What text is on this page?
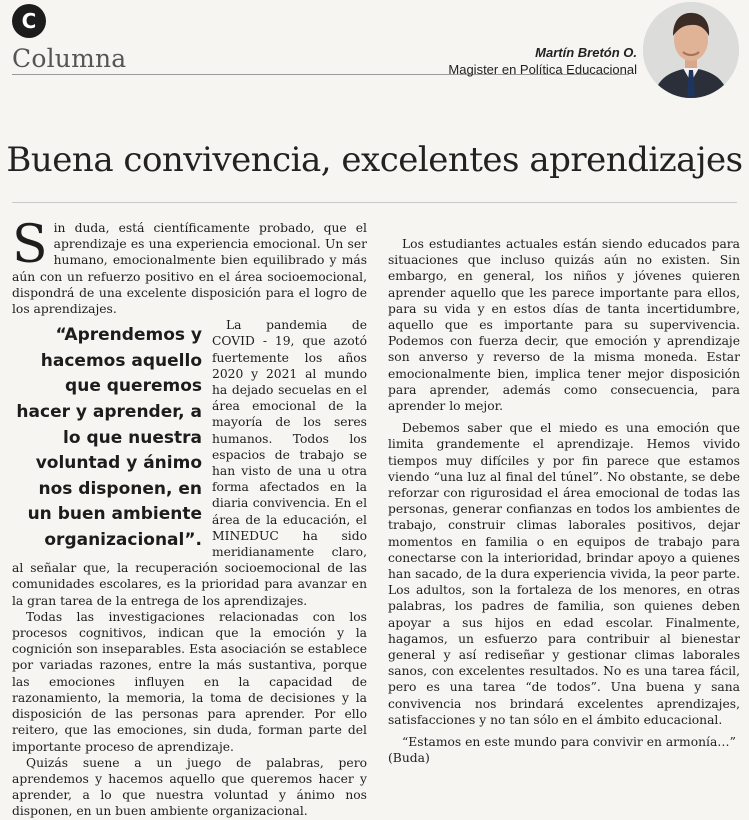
C
Columna	Martín Bretón O.
Magister en Política Educacional
Buena convivencia, excelentes aprendizajes

S in duda, está científicamente probado, que el aprendizaje es una experiencia emocional. Un ser humano, emocionalmente bien equilibrado y más aún con un refuerzo positivo en el área socioemocional, dispondrá de una excelente disposición para el logro de los aprendizajes.

“Aprendemos y hacemos aquello que queremos hacer y aprender, a lo que nuestra voluntad y ánimo nos disponen, en un buen ambiente organizacional”.
La pandemia de COVID - 19, que azotó fuertemente los años 2020 y 2021 al mundo ha dejado secuelas en el área emocional de la mayoría de los seres humanos. Todos los espacios de trabajo se han visto de una u otra forma afectados en la diaria convivencia. En el área de la educación, el MINEDUC ha sido meridianamente claro, al señalar que, la recuperación socioemocional de las comunidades escolares, es la prioridad para avanzar en la gran tarea de la entrega de los aprendizajes.

Todas las investigaciones relacionadas con los procesos cognitivos, indican que la emoción y la cognición son inseparables. Esta asociación se establece por variadas razones, entre la más sustantiva, porque las emociones influyen en la capacidad de razonamiento, la memoria, la toma de decisiones y la disposición de las personas para aprender. Por ello reitero, que las emociones, sin duda, forman parte del importante proceso de aprendizaje.

Quizás suene a un juego de palabras, pero aprendemos y hacemos aquello que queremos hacer y aprender, a lo que nuestra voluntad y ánimo nos disponen, en un buen ambiente organizacional.

Los estudiantes actuales están siendo educados para situaciones que incluso quizás aún no existen. Sin embargo, en general, los niños y jóvenes quieren aprender aquello que les parece importante para ellos, para su vida y en estos días de tanta incertidumbre, aquello que es importante para su supervivencia. Podemos con fuerza decir, que emoción y aprendizaje son anverso y reverso de la misma moneda. Estar emocionalmente bien, implica tener mejor disposición para aprender, además como consecuencia, para aprender lo mejor.

Debemos saber que el miedo es una emoción que limita grandemente el aprendizaje. Hemos vivido tiempos muy difíciles y por fin parece que estamos viendo “una luz al final del túnel”. No obstante, se debe reforzar con rigurosidad el área emocional de todas las personas, generar confianzas en todos los ambientes de trabajo, construir climas laborales positivos, dejar momentos en familia o en equipos de trabajo para conectarse con la interioridad, brindar apoyo a quienes han sacado, de la dura experiencia vivida, la peor parte. Los adultos, son la fortaleza de los menores, en otras palabras, los padres de familia, son quienes deben apoyar a sus hijos en edad escolar. Finalmente, hagamos, un esfuerzo para contribuir al bienestar general y así rediseñar y gestionar climas laborales sanos, con excelentes resultados. No es una tarea fácil, pero es una tarea “de todos”. Una buena y sana convivencia nos brindará excelentes aprendizajes, satisfacciones y no tan sólo en el ámbito educacional.

“Estamos en este mundo para convivir en armonía…”

(Buda)
